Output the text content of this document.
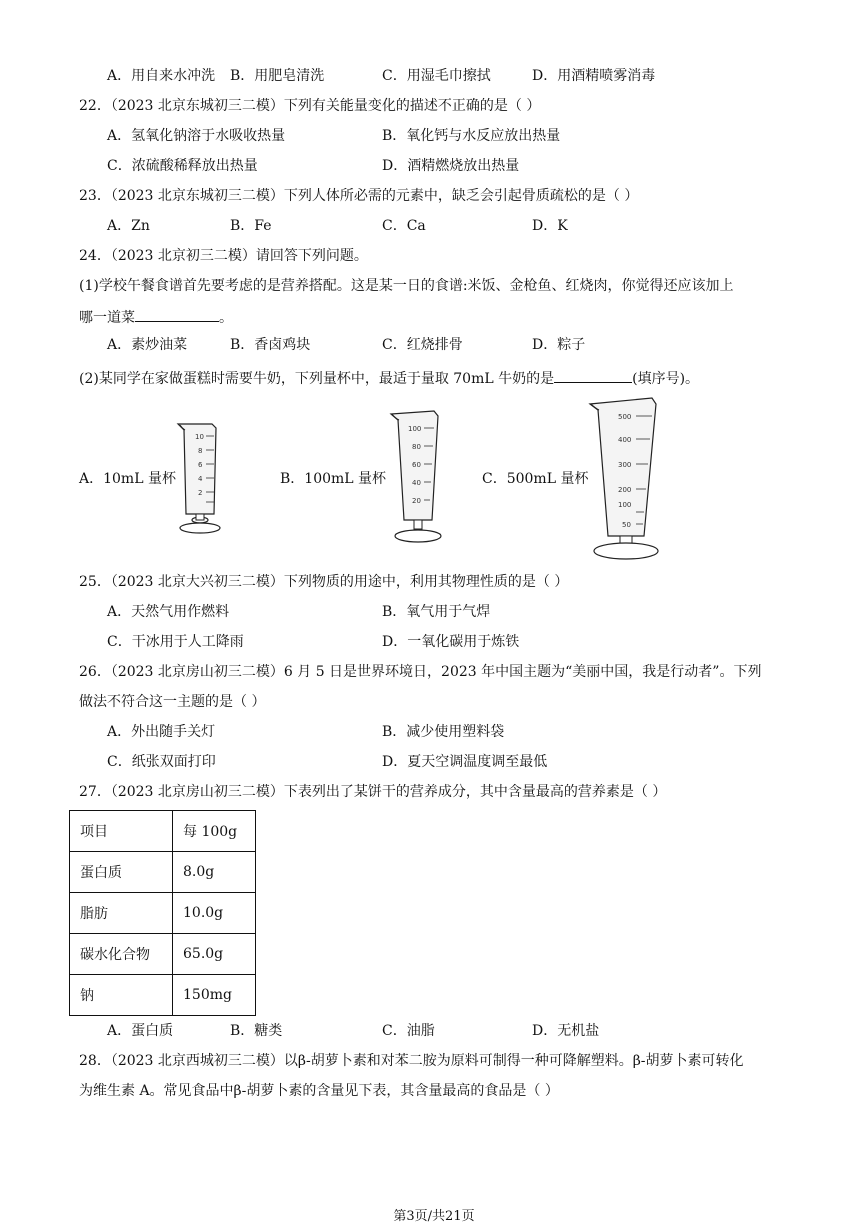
A．用自来水冲洗 B．用肥皂清洗	C．用湿毛巾擦拭	D．用酒精喷雾消毒
22．（2023 北京东城初三二模）下列有关能量变化的描述不正确的是（ ）
A．氢氧化钠溶于水吸收热量	B．氧化钙与水反应放出热量
C．浓硫酸稀释放出热量	D．酒精燃烧放出热量
23．（2023 北京东城初三二模）下列人体所必需的元素中，缺乏会引起骨质疏松的是（ ）
A．Zn	B．Fe	C．Ca	D．K
24．（2023 北京初三二模）请回答下列问题。
(1)学校午餐食谱首先要考虑的是营养搭配。这是某一日的食谱:米饭、金枪鱼、红烧肉，你觉得还应该加上
哪一道菜	。
A．素炒油菜	B．香卤鸡块	C．红烧排骨	D．粽子
(2)某同学在家做蛋糕时需要牛奶，下列量杯中，最适于量取 70mL 牛奶的是	(填序号)。
A．10mL 量杯
10
8
6
4
2
B．100mL 量杯
100
80
60
40
20
C．500mL 量杯
500
400
300
200
100
50
25．（2023 北京大兴初三二模）下列物质的用途中，利用其物理性质的是（ ）
A．天然气用作燃料	B．氧气用于气焊
C．干冰用于人工降雨	D．一氧化碳用于炼铁
26．（2023 北京房山初三二模）6 月 5 日是世界环境日，2023 年中国主题为“美丽中国，我是行动者”。下列
做法不符合这一主题的是（ ）
A．外出随手关灯	B．减少使用塑料袋
C．纸张双面打印	D．夏天空调温度调至最低
27．（2023 北京房山初三二模）下表列出了某饼干的营养成分，其中含量最高的营养素是（ ）
项目	每 100g
蛋白质	8.0g
脂肪	10.0g
碳水化合物	65.0g
钠	150mg
A．蛋白质	B．糖类	C．油脂	D．无机盐
28．（2023 北京西城初三二模）以β-胡萝卜素和对苯二胺为原料可制得一种可降解塑料。β-胡萝卜素可转化
为维生素 A。常见食品中β-胡萝卜素的含量见下表，其含量最高的食品是（ ）
第3页/共21页
